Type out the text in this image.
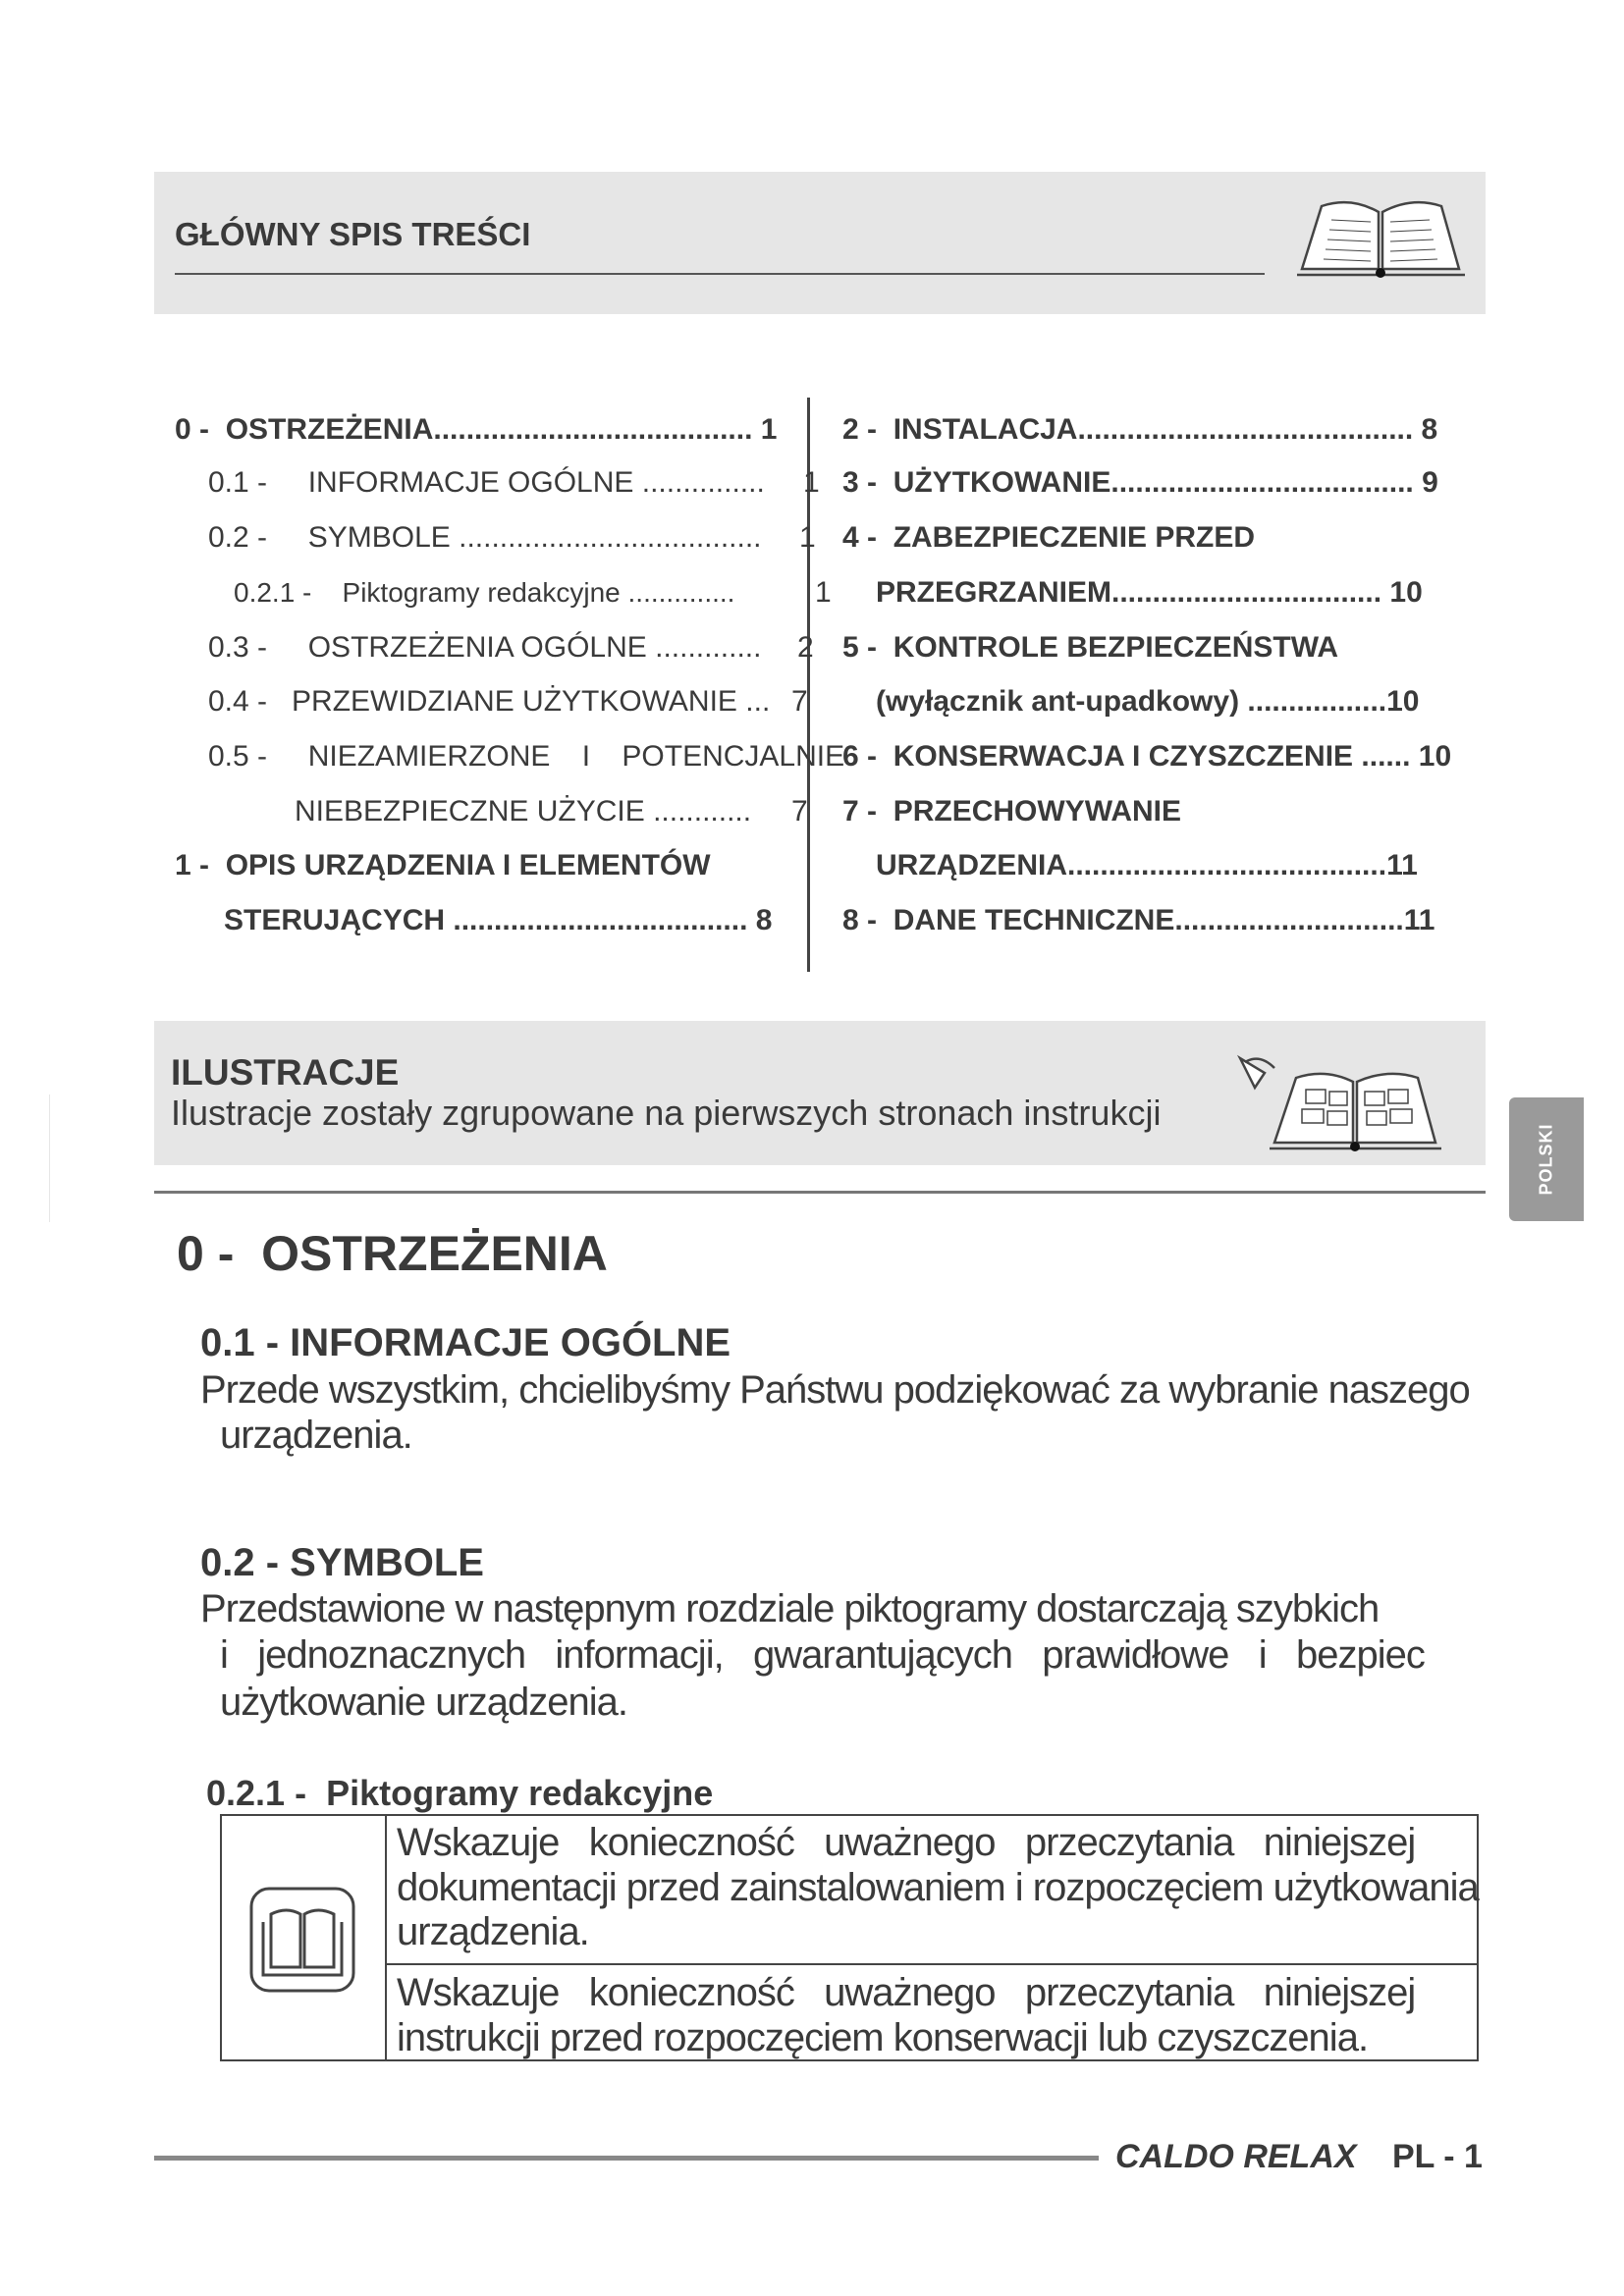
GŁÓWNY SPIS TREŚCI
0 - OSTRZEŻENIA....................................... 1
0.1 - INFORMACJE OGÓLNE ............... 1
0.2 - SYMBOLE ..................................... 1
0.2.1 - Piktogramy redakcyjne ..............	1
0.3 - OSTRZEŻENIA OGÓLNE ............. 2
0.4 - PRZEWIDZIANE UŻYTKOWANIE ... 7
0.5 - NIEZAMIERZONE I POTENCJALNIE
NIEBEZPIECZNE UŻYCIE ............ 7
1 - OPIS URZĄDZENIA I ELEMENTÓW
STERUJĄCYCH .................................... 8
2 - INSTALACJA......................................... 8
3 - UŻYTKOWANIE..................................... 9
4 - ZABEZPIECZENIE PRZED
PRZEGRZANIEM................................. 10
5 - KONTROLE BEZPIECZEŃSTWA
(wyłącznik ant-upadkowy) .................10
6 - KONSERWACJA I CZYSZCZENIE ...... 10
7 - PRZECHOWYWANIE
URZĄDZENIA.......................................11
8 - DANE TECHNICZNE............................11
ILUSTRACJE
Ilustracje zostały zgrupowane na pierwszych stronach instrukcji
POLSKI
0 -  OSTRZEŻENIA
0.1 - INFORMACJE OGÓLNE
Przede wszystkim, chcielibyśmy Państwu podziękować za wybranie naszego
urządzenia.
0.2 - SYMBOLE
Przedstawione w następnym rozdziale piktogramy dostarczają szybkich
i   jednoznacznych   informacji,   gwarantujących   prawidłowe   i   bezpiec
użytkowanie urządzenia.
0.2.1 -  Piktogramy redakcyjne
Wskazuje   konieczność   uważnego   przeczytania   niniejszej
dokumentacji przed zainstalowaniem i rozpoczęciem użytkowania
urządzenia.
Wskazuje   konieczność   uważnego   przeczytania   niniejszej
instrukcji przed rozpoczęciem konserwacji lub czyszczenia.
CALDO RELAX PL - 1
